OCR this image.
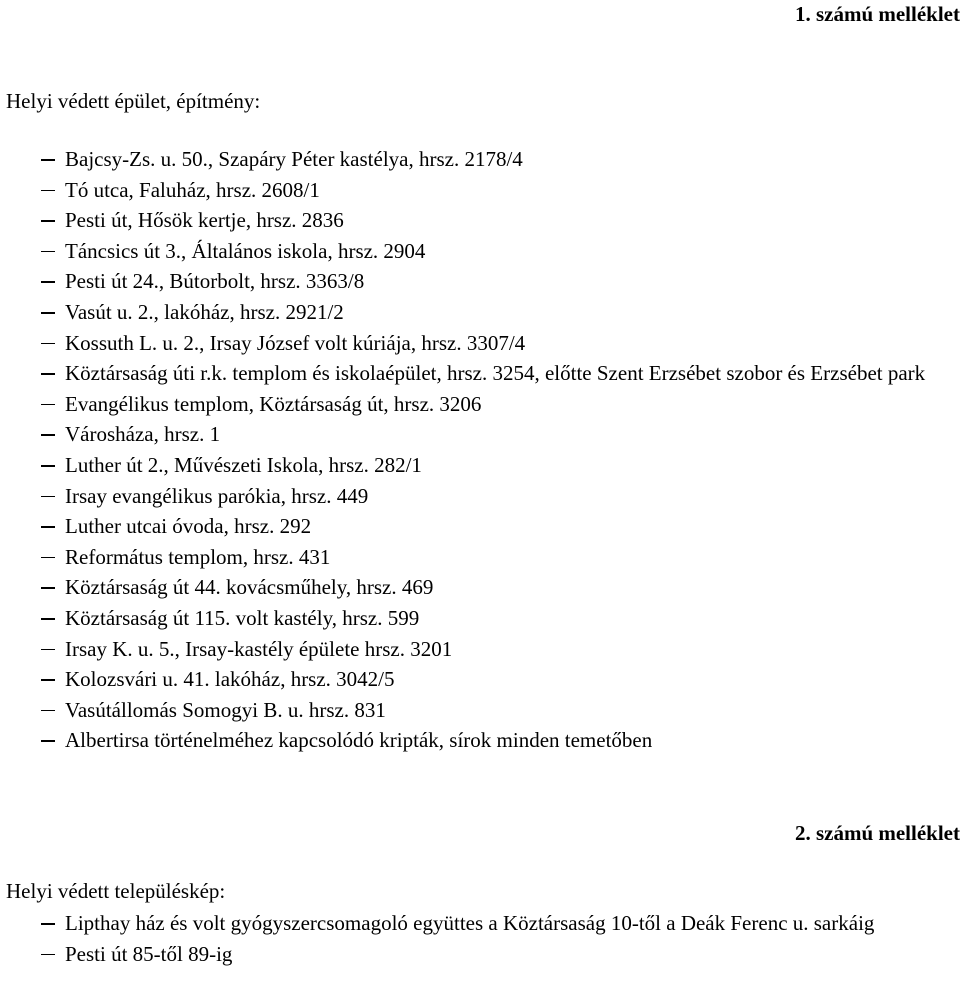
1. számú melléklet
Helyi védett épület, építmény:
Bajcsy-Zs. u. 50., Szapáry Péter kastélya, hrsz. 2178/4
Tó utca, Faluház, hrsz. 2608/1
Pesti út, Hősök kertje, hrsz. 2836
Táncsics út 3., Általános iskola, hrsz. 2904
Pesti út 24., Bútorbolt, hrsz. 3363/8
Vasút u. 2., lakóház, hrsz. 2921/2
Kossuth L. u. 2., Irsay József volt kúriája, hrsz. 3307/4
Köztársaság úti r.k. templom és iskolaépület, hrsz. 3254, előtte Szent Erzsébet szobor és Erzsébet park
Evangélikus templom, Köztársaság út, hrsz. 3206
Városháza, hrsz. 1
Luther út 2., Művészeti Iskola, hrsz. 282/1
Irsay evangélikus parókia, hrsz. 449
Luther utcai óvoda, hrsz. 292
Református templom, hrsz. 431
Köztársaság út 44. kovácsműhely, hrsz. 469
Köztársaság út 115. volt kastély, hrsz. 599
Irsay K. u. 5., Irsay-kastély épülete hrsz. 3201
Kolozsvári u. 41. lakóház, hrsz. 3042/5
Vasútállomás Somogyi B. u. hrsz. 831
Albertirsa történelméhez kapcsolódó kripták, sírok minden temetőben
2. számú melléklet
Helyi védett településkép:
Lipthay ház és volt gyógyszercsomagoló együttes a Köztársaság 10-től a Deák Ferenc u. sarkáig
Pesti út 85-től 89-ig
